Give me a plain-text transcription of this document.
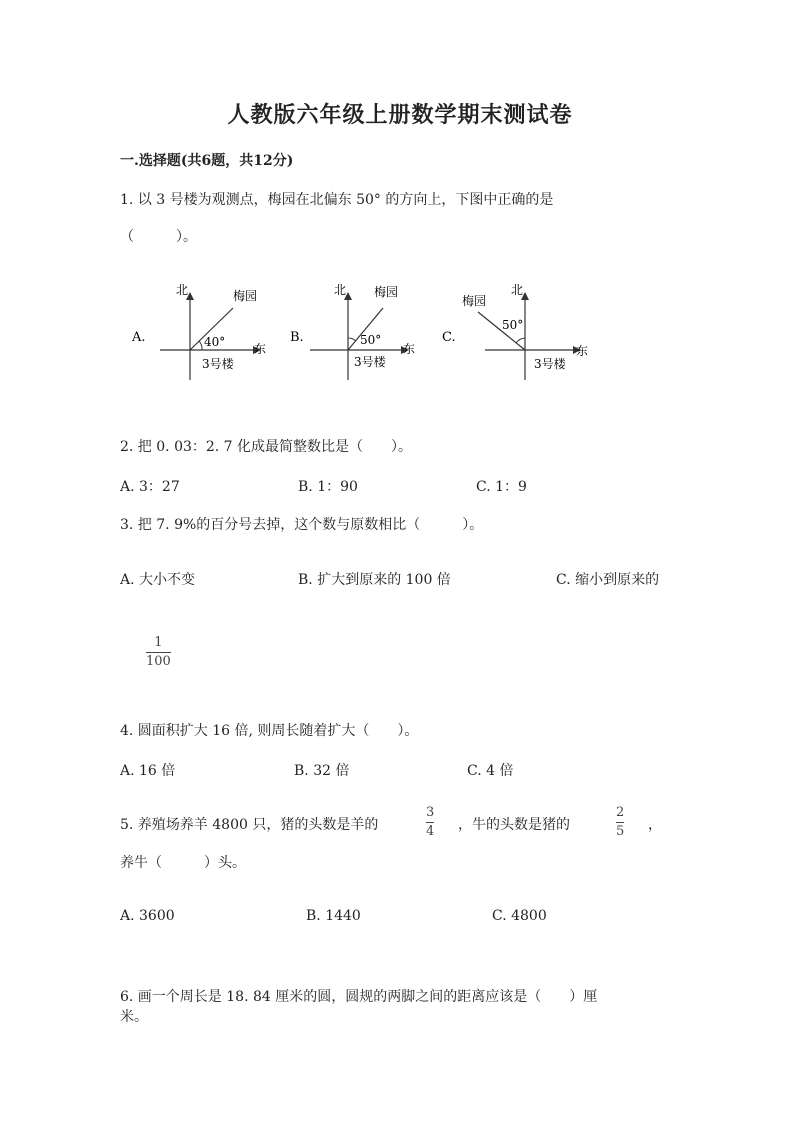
人教版六年级上册数学期末测试卷
一.选择题(共6题，共12分)
1. 以 3 号楼为观测点，梅园在北偏东 50° 的方向上，下图中正确的是
（　　　）。
A.
北	梅园
东
40°
3号楼
B.
北 梅园
东
50°
3号楼
C.
北
梅园
东
50°
3号楼
2. 把 0. 03：2. 7 化成最简整数比是（　　）。
A. 3：27	B. 1：90	C. 1：9
3. 把 7. 9%的百分号去掉，这个数与原数相比（　　　）。
A. 大小不变	B. 扩大到原来的 100 倍	C. 缩小到原来的
1
100
4. 圆面积扩大 16 倍, 则周长随着扩大（　　）。
A. 16 倍	B. 32 倍	C. 4 倍
5. 养殖场养羊 4800 只，猪的头数是羊的
3
4 ，牛的头数是猪的
2
5 ，
养牛（　　　）头。
A. 3600	B. 1440	C. 4800
6. 画一个周长是 18. 84 厘米的圆，圆规的两脚之间的距离应该是（　　）厘
米。
